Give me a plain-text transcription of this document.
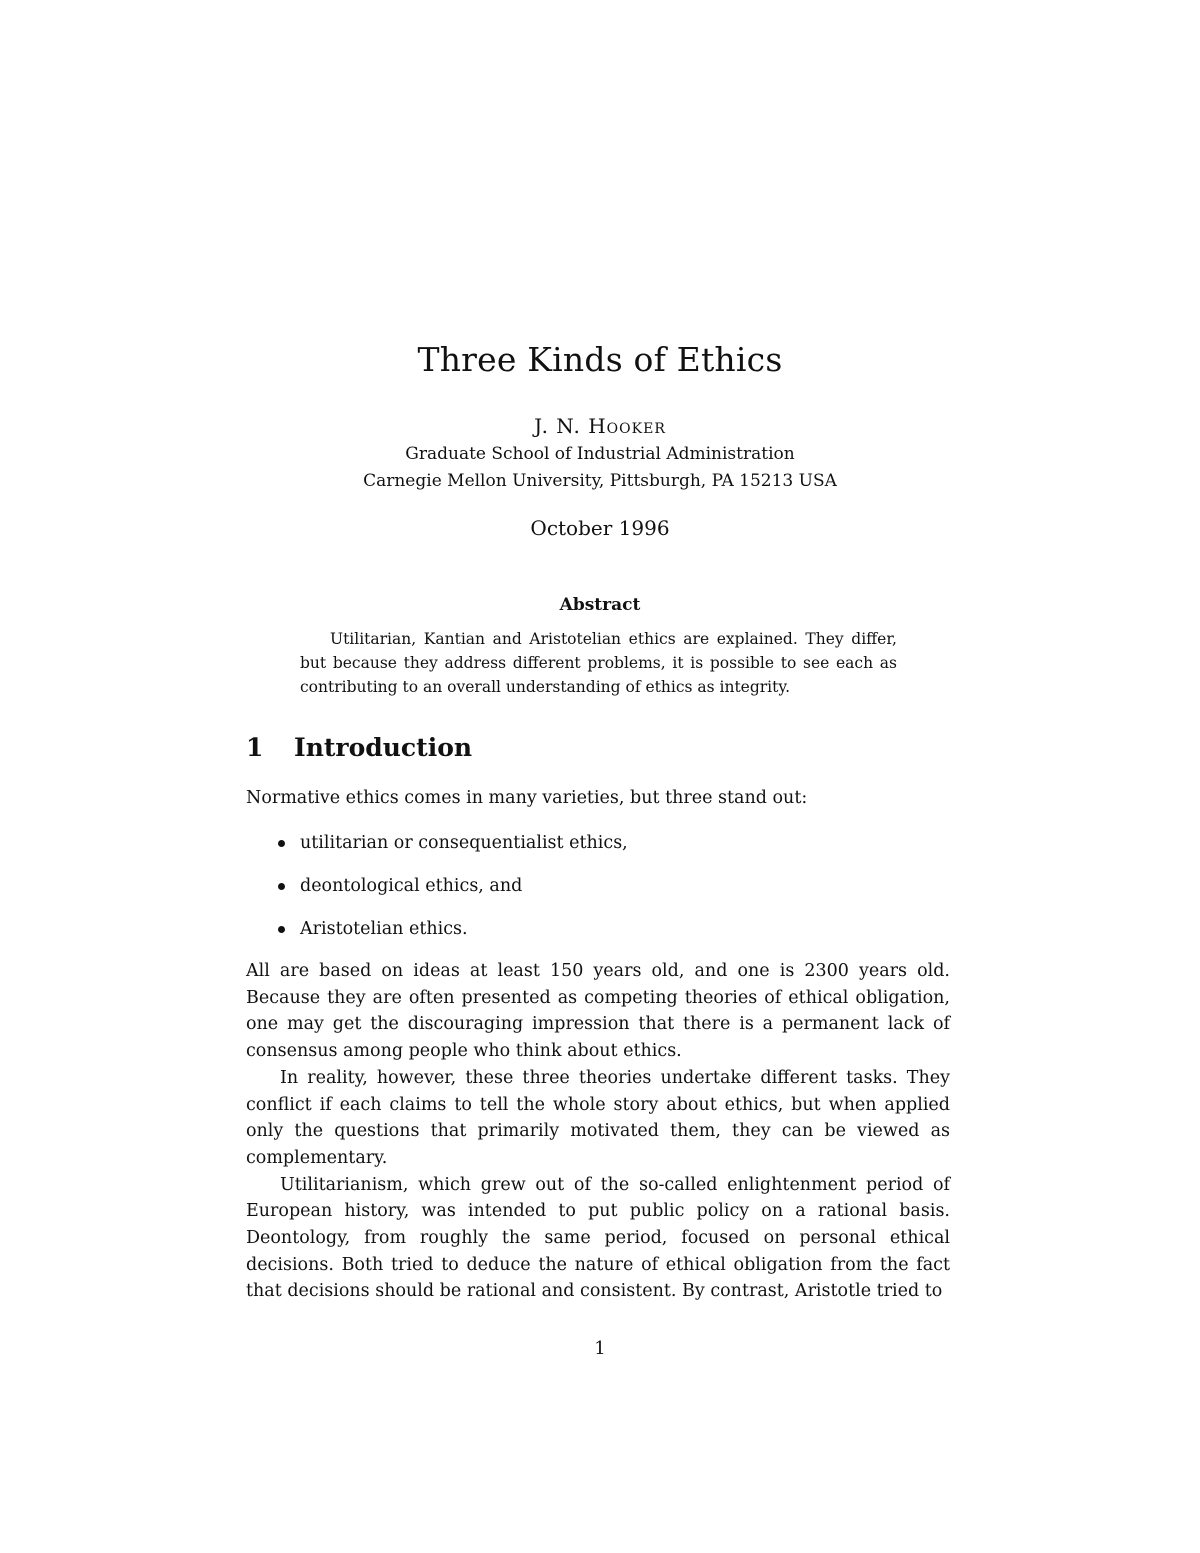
Three Kinds of Ethics
J. N. Hooker
Graduate School of Industrial Administration
Carnegie Mellon University, Pittsburgh, PA 15213 USA
October 1996
Abstract
Utilitarian, Kantian and Aristotelian ethics are explained. They differ, but because they address different problems, it is possible to see each as contributing to an overall understanding of ethics as integrity.
1 Introduction
Normative ethics comes in many varieties, but three stand out:
utilitarian or consequentialist ethics,
deontological ethics, and
Aristotelian ethics.

All are based on ideas at least 150 years old, and one is 2300 years old. Because they are often presented as competing theories of ethical obligation, one may get the discouraging impression that there is a permanent lack of consensus among people who think about ethics.

In reality, however, these three theories undertake different tasks. They conflict if each claims to tell the whole story about ethics, but when applied only the questions that primarily motivated them, they can be viewed as complementary.

Utilitarianism, which grew out of the so-called enlightenment period of European history, was intended to put public policy on a rational basis. Deontology, from roughly the same period, focused on personal ethical decisions. Both tried to deduce the nature of ethical obligation from the fact that decisions should be rational and consistent. By contrast, Aristotle tried to

1
